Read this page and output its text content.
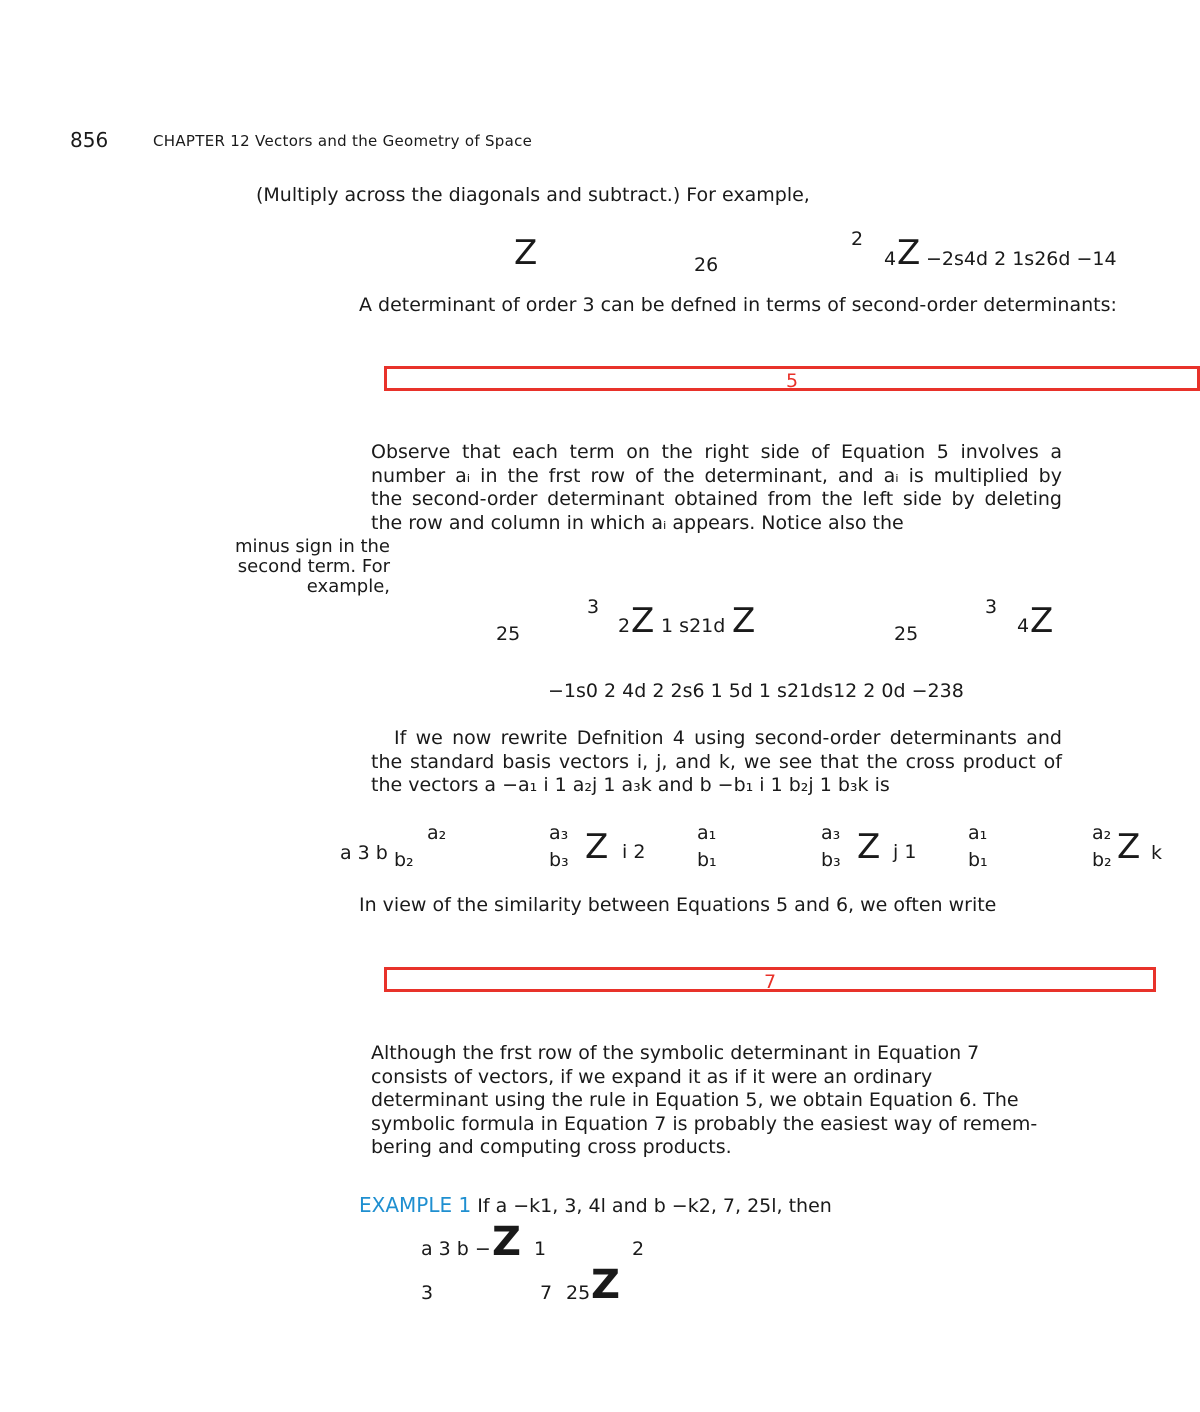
856	CHAPTER 12 Vectors and the Geometry of Space
(Multiply across the diagonals and subtract.) For example,
Z	26
2
4 Z −2s4d 2 1s26d −14
A determinant of order 3 can be defned in terms of second-order determinants:
5
Observe that each term on the right side of Equation 5 involves a
number aᵢ in the frst row of the determinant, and aᵢ is multiplied by
the second-order determinant obtained from the left side by deleting
the row and column in which aᵢ appears. Notice also the
minus sign in the
second term. For
example,
25
3
2 Z 1 s21d Z	25
3
4 Z
−1s0 2 4d 2 2s6 1 5d 1 s21ds12 2 0d −238
If we now rewrite Defnition 4 using second-order determinants and
the standard basis vectors i, j, and k, we see that the cross product of
the vectors a −a₁ i 1 a₂j 1 a₃k and b −b₁ i 1 b₂j 1 b₃k is
a 3 b
a₂
b₂
a₃
b₃ Z i 2
a₁
b₁
a₃
b₃ Z j 1
a₁
b₁
a₂
b₂ Z k
In view of the similarity between Equations 5 and 6, we often write
7
Although the frst row of the symbolic determinant in Equation 7
consists of vectors, if we expand it as if it were an ordinary
determinant using the rule in Equation 5, we obtain Equation 6. The
symbolic formula in Equation 7 is probably the easiest way of remem-
bering and computing cross products.
EXAMPLE 1 If a −k1, 3, 4l and b −k2, 7, 25l, then
a 3 b − Z 1	2
3	7 25 Z
